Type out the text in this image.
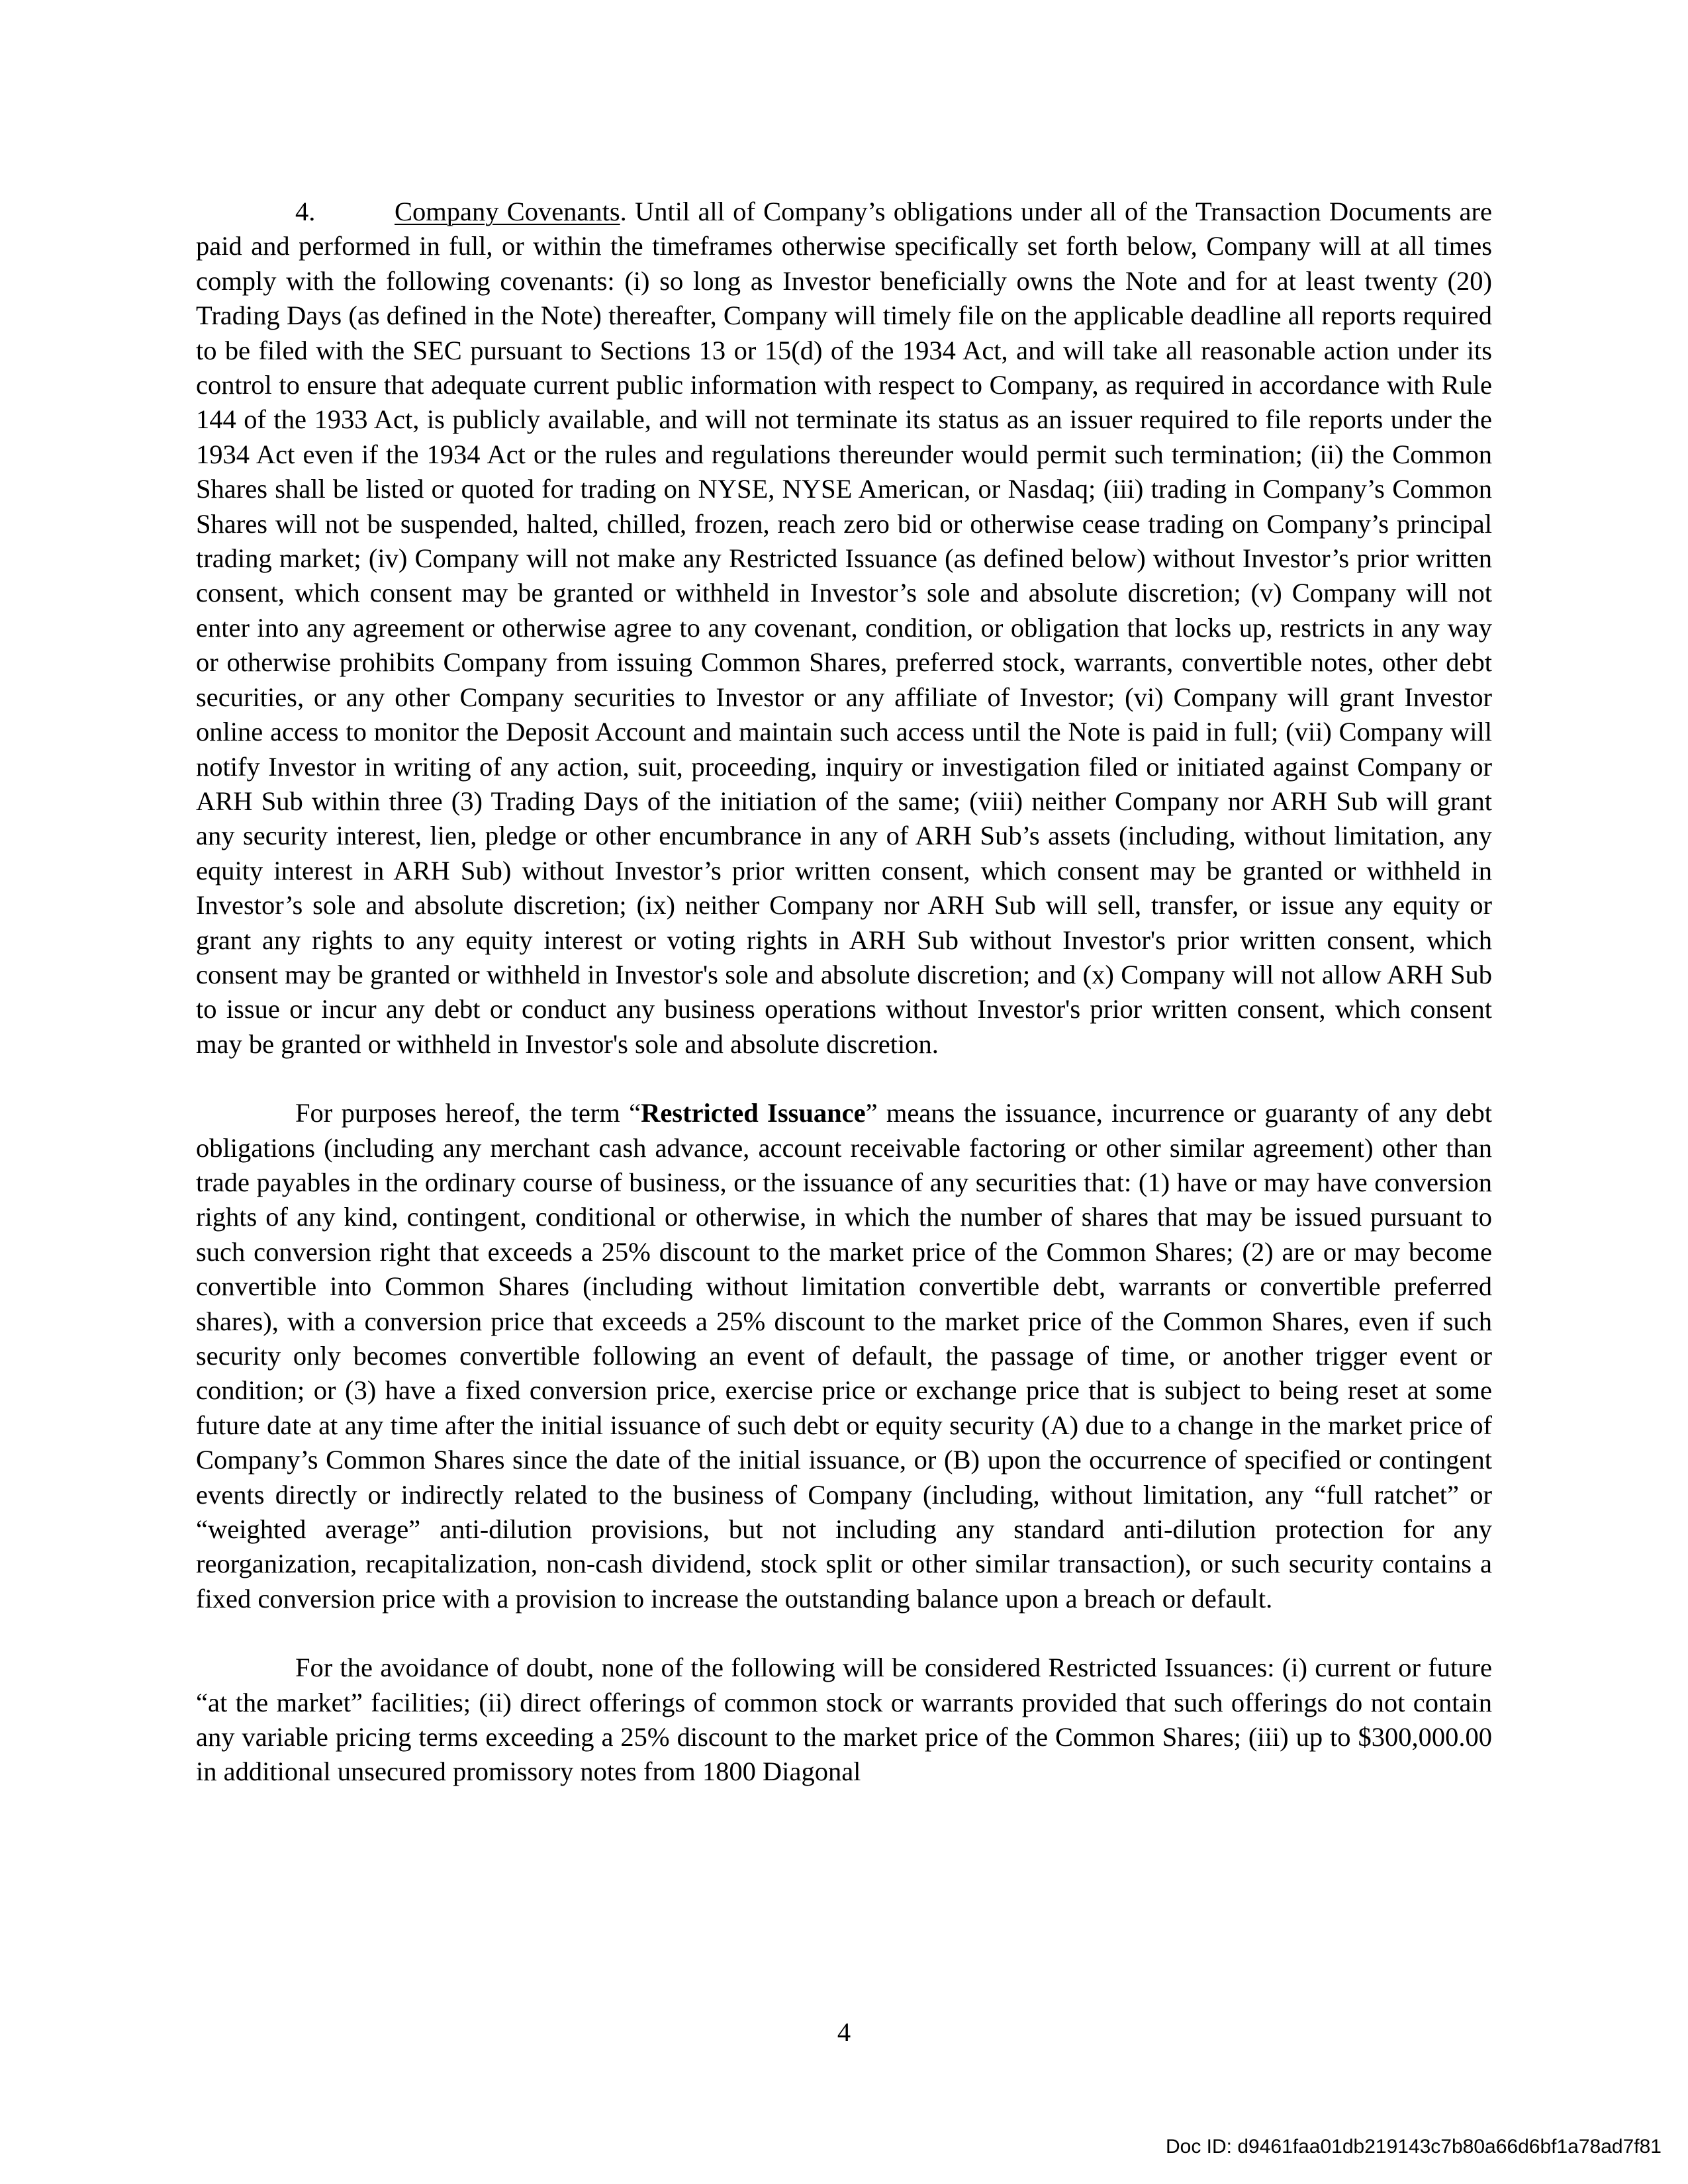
4.	Company Covenants. Until all of Company’s obligations under all of the Transaction Documents are paid and performed in full, or within the timeframes otherwise specifically set forth below, Company will at all times comply with the following covenants: (i) so long as Investor beneficially owns the Note and for at least twenty (20) Trading Days (as defined in the Note) thereafter, Company will timely file on the applicable deadline all reports required to be filed with the SEC pursuant to Sections 13 or 15(d) of the 1934 Act, and will take all reasonable action under its control to ensure that adequate current public information with respect to Company, as required in accordance with Rule 144 of the 1933 Act, is publicly available, and will not terminate its status as an issuer required to file reports under the 1934 Act even if the 1934 Act or the rules and regulations thereunder would permit such termination; (ii) the Common Shares shall be listed or quoted for trading on NYSE, NYSE American, or Nasdaq; (iii) trading in Company’s Common Shares will not be suspended, halted, chilled, frozen, reach zero bid or otherwise cease trading on Company’s principal trading market; (iv) Company will not make any Restricted Issuance (as defined below) without Investor’s prior written consent, which consent may be granted or withheld in Investor’s sole and absolute discretion; (v) Company will not enter into any agreement or otherwise agree to any covenant, condition, or obligation that locks up, restricts in any way or otherwise prohibits Company from issuing Common Shares, preferred stock, warrants, convertible notes, other debt securities, or any other Company securities to Investor or any affiliate of Investor; (vi) Company will grant Investor online access to monitor the Deposit Account and maintain such access until the Note is paid in full; (vii) Company will notify Investor in writing of any action, suit, proceeding, inquiry or investigation filed or initiated against Company or ARH Sub within three (3) Trading Days of the initiation of the same; (viii) neither Company nor ARH Sub will grant any security interest, lien, pledge or other encumbrance in any of ARH Sub’s assets (including, without limitation, any equity interest in ARH Sub) without Investor’s prior written consent, which consent may be granted or withheld in Investor’s sole and absolute discretion; (ix) neither Company nor ARH Sub will sell, transfer, or issue any equity or grant any rights to any equity interest or voting rights in ARH Sub without Investor's prior written consent, which consent may be granted or withheld in Investor's sole and absolute discretion; and (x) Company will not allow ARH Sub to issue or incur any debt or conduct any business operations without Investor's prior written consent, which consent may be granted or withheld in Investor's sole and absolute discretion.

For purposes hereof, the term “Restricted Issuance” means the issuance, incurrence or guaranty of any debt obligations (including any merchant cash advance, account receivable factoring or other similar agreement) other than trade payables in the ordinary course of business, or the issuance of any securities that: (1) have or may have conversion rights of any kind, contingent, conditional or otherwise, in which the number of shares that may be issued pursuant to such conversion right that exceeds a 25% discount to the market price of the Common Shares; (2) are or may become convertible into Common Shares (including without limitation convertible debt, warrants or convertible preferred shares), with a conversion price that exceeds a 25% discount to the market price of the Common Shares, even if such security only becomes convertible following an event of default, the passage of time, or another trigger event or condition; or (3) have a fixed conversion price, exercise price or exchange price that is subject to being reset at some future date at any time after the initial issuance of such debt or equity security (A) due to a change in the market price of Company’s Common Shares since the date of the initial issuance, or (B) upon the occurrence of specified or contingent events directly or indirectly related to the business of Company (including, without limitation, any “full ratchet” or “weighted average” anti-dilution provisions, but not including any standard anti-dilution protection for any reorganization, recapitalization, non-cash dividend, stock split or other similar transaction), or such security contains a fixed conversion price with a provision to increase the outstanding balance upon a breach or default.

For the avoidance of doubt, none of the following will be considered Restricted Issuances: (i) current or future “at the market” facilities; (ii) direct offerings of common stock or warrants provided that such offerings do not contain any variable pricing terms exceeding a 25% discount to the market price of the Common Shares; (iii) up to $300,000.00 in additional unsecured promissory notes from 1800 Diagonal

4
Doc ID: d9461faa01db219143c7b80a66d6bf1a78ad7f81
